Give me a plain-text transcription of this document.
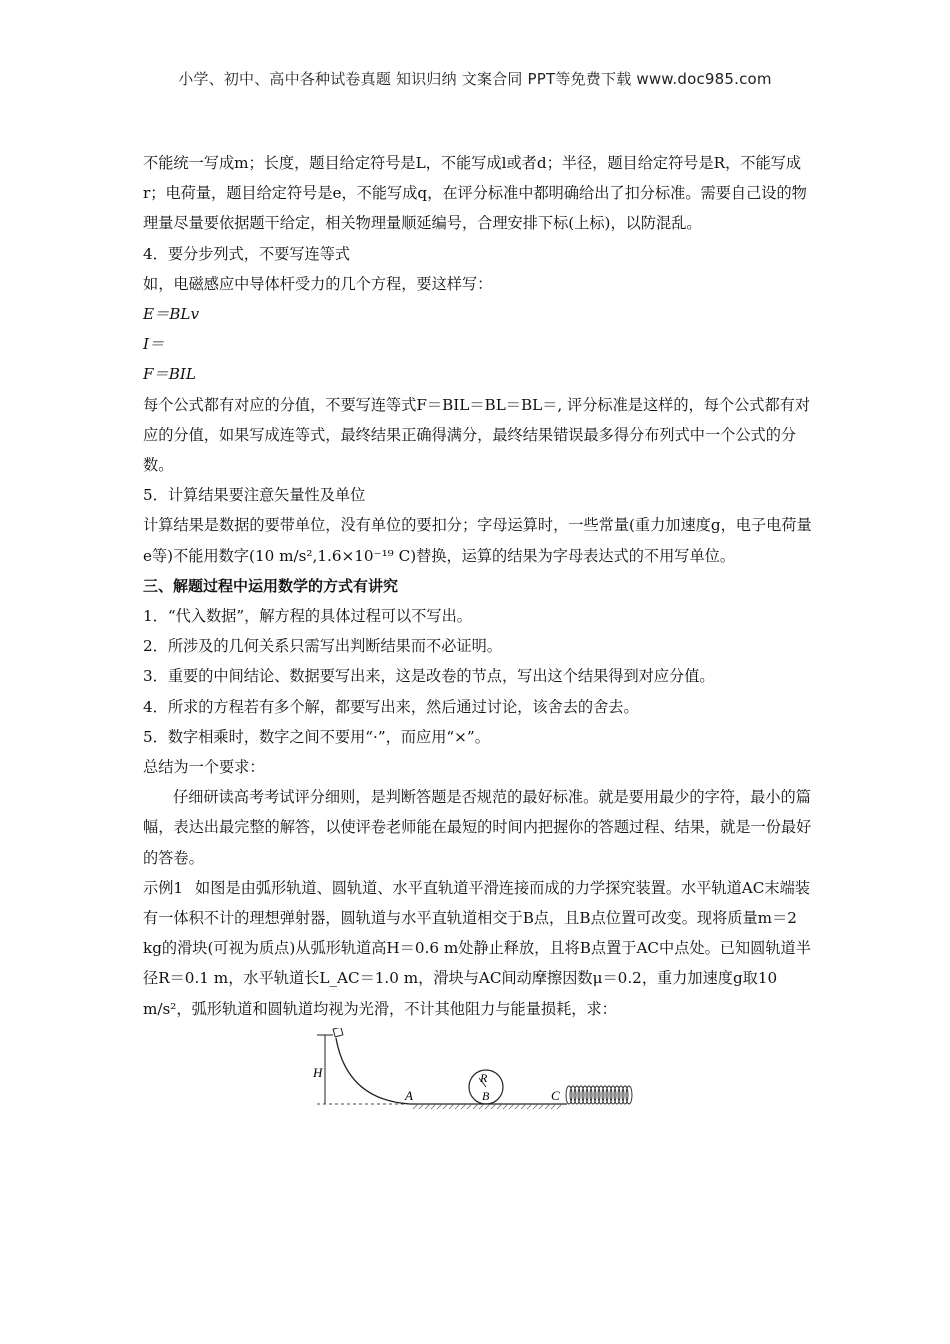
小学、初中、高中各种试卷真题 知识归纳 文案合同 PPT等免费下载 www.doc985.com

不能统一写成m；长度，题目给定符号是L，不能写成l或者d；半径，题目给定符号是R，不能写成r；电荷量，题目给定符号是e，不能写成q，在评分标准中都明确给出了扣分标准。需要自己设的物理量尽量要依据题干给定，相关物理量顺延编号，合理安排下标(上标)，以防混乱。

4．要分步列式，不要写连等式

如，电磁感应中导体杆受力的几个方程，要这样写：

E＝BLv

I＝

F＝BIL

每个公式都有对应的分值，不要写连等式F＝BIL＝BL＝BL＝, 评分标准是这样的，每个公式都有对应的分值，如果写成连等式，最终结果正确得满分，最终结果错误最多得分布列式中一个公式的分数。

5．计算结果要注意矢量性及单位

计算结果是数据的要带单位，没有单位的要扣分；字母运算时，一些常量(重力加速度g，电子电荷量e等)不能用数字(10 m/s²,1.6×10⁻¹⁹ C)替换，运算的结果为字母表达式的不用写单位。

三、解题过程中运用数学的方式有讲究

1．“代入数据”，解方程的具体过程可以不写出。

2．所涉及的几何关系只需写出判断结果而不必证明。

3．重要的中间结论、数据要写出来，这是改卷的节点，写出这个结果得到对应分值。

4．所求的方程若有多个解，都要写出来，然后通过讨论，该舍去的舍去。

5．数字相乘时，数字之间不要用“·”，而应用“×”。

总结为一个要求：

仔细研读高考考试评分细则，是判断答题是否规范的最好标准。就是要用最少的字符，最小的篇幅，表达出最完整的解答，以使评卷老师能在最短的时间内把握你的答题过程、结果，就是一份最好的答卷。

示例1 如图是由弧形轨道、圆轨道、水平直轨道平滑连接而成的力学探究装置。水平轨道AC末端装有一体积不计的理想弹射器，圆轨道与水平直轨道相交于B点，且B点位置可改变。现将质量m＝2 kg的滑块(可视为质点)从弧形轨道高H＝0.6 m处静止释放，且将B点置于AC中点处。已知圆轨道半径R＝0.1 m，水平轨道长L_AC＝1.0 m，滑块与AC间动摩擦因数μ＝0.2，重力加速度g取10 m/s²，弧形轨道和圆轨道均视为光滑，不计其他阻力与能量损耗，求：

H
A
R
B	C
